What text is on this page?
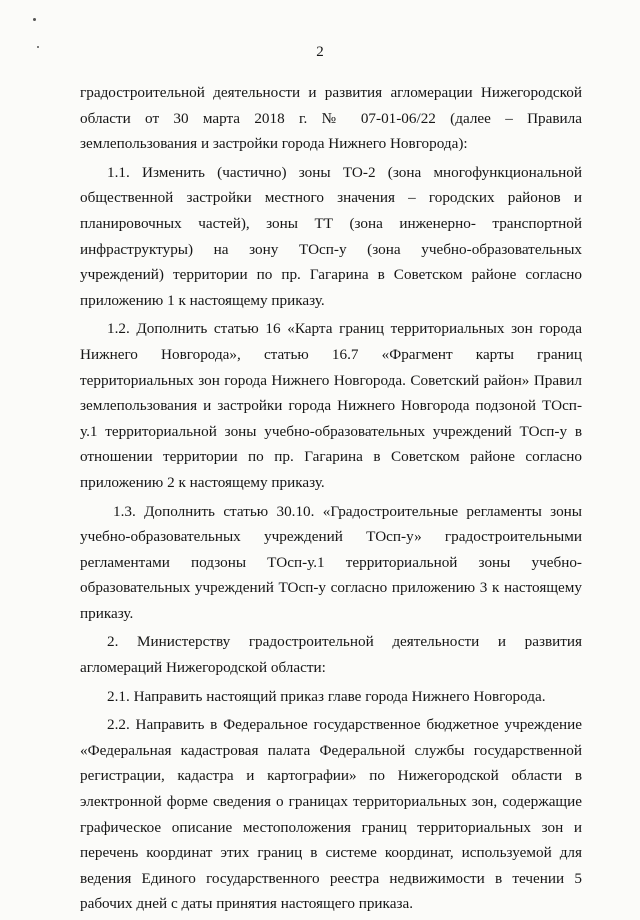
2

градостроительной деятельности и развития агломерации Нижегородской области от 30 марта 2018 г. № 07-01-06/22 (далее – Правила землепользования и застройки города Нижнего Новгорода):

1.1. Изменить (частично) зоны ТО-2 (зона многофункциональной общественной застройки местного значения – городских районов и планировочных частей), зоны ТТ (зона инженерно- транспортной инфраструктуры) на зону ТОсп-у (зона учебно-образовательных учреждений) территории по пр. Гагарина в Советском районе согласно приложению 1 к настоящему приказу.

1.2. Дополнить статью 16 «Карта границ территориальных зон города Нижнего Новгорода», статью 16.7 «Фрагмент карты границ территориальных зон города Нижнего Новгорода. Советский район» Правил землепользования и застройки города Нижнего Новгорода подзоной ТОсп-у.1 территориальной зоны учебно-образовательных учреждений ТОсп-у в отношении территории по пр. Гагарина в Советском районе согласно приложению 2 к настоящему приказу.

1.3. Дополнить статью 30.10. «Градостроительные регламенты зоны учебно-образовательных учреждений ТОсп-у» градостроительными регламентами подзоны ТОсп-у.1 территориальной зоны учебно-образовательных учреждений ТОсп-у согласно приложению 3 к настоящему приказу.

2. Министерству градостроительной деятельности и развития агломераций Нижегородской области:

2.1. Направить настоящий приказ главе города Нижнего Новгорода.

2.2. Направить в Федеральное государственное бюджетное учреждение «Федеральная кадастровая палата Федеральной службы государственной регистрации, кадастра и картографии» по Нижегородской области в электронной форме сведения о границах территориальных зон, содержащие графическое описание местоположения границ территориальных зон и перечень координат этих границ в системе координат, используемой для ведения Единого государственного реестра недвижимости в течении 5 рабочих дней с даты принятия настоящего приказа.
